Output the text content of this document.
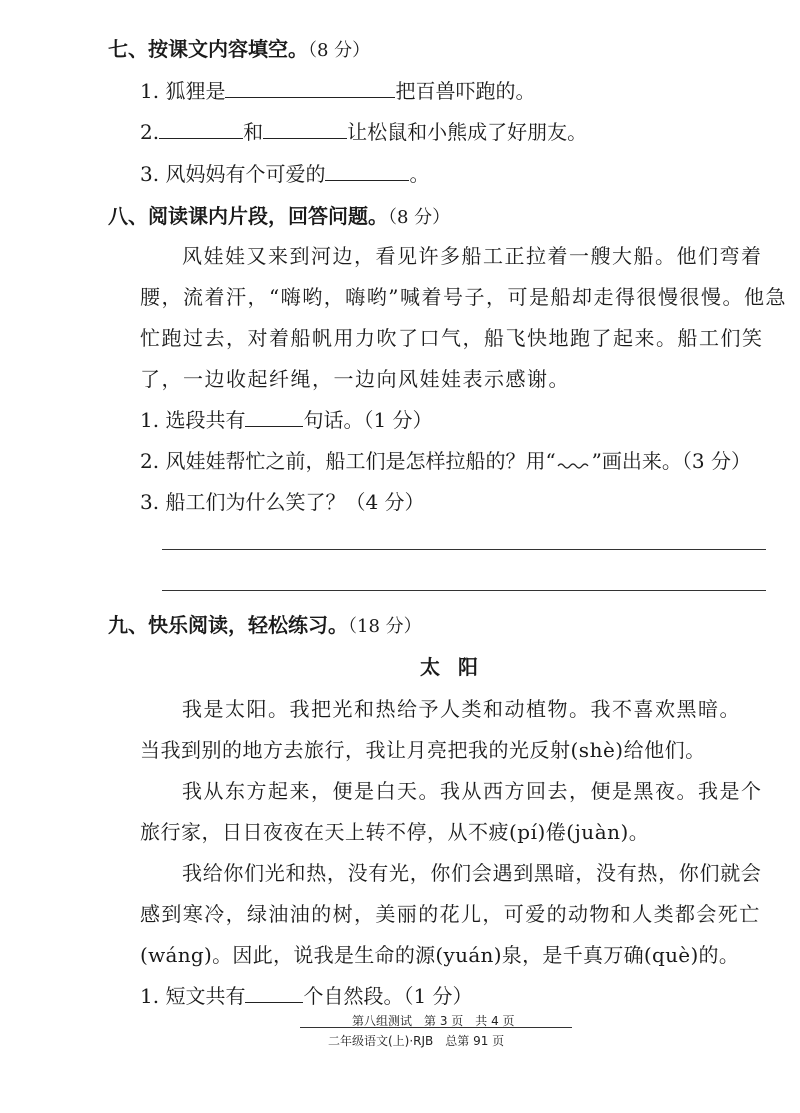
七、按课文内容填空。（8 分）
1. 狐狸是	把百兽吓跑的。
2.	和	让松鼠和小熊成了好朋友。
3. 风妈妈有个可爱的	。
八、阅读课内片段，回答问题。（8 分）
风娃娃又来到河边，看见许多船工正拉着一艘大船。他们弯着
腰，流着汗，“嗨哟，嗨哟”喊着号子，可是船却走得很慢很慢。他急
忙跑过去，对着船帆用力吹了口气，船飞快地跑了起来。船工们笑
了，一边收起纤绳，一边向风娃娃表示感谢。
1. 选段共有	句话。（1 分）
2. 风娃娃帮忙之前，船工们是怎样拉船的？用“ ”画出来。（3 分）
3. 船工们为什么笑了？（4 分）
九、快乐阅读，轻松练习。（18 分）
太阳
我是太阳。我把光和热给予人类和动植物。我不喜欢黑暗。
当我到别的地方去旅行，我让月亮把我的光反射(shè)给他们。
我从东方起来，便是白天。我从西方回去，便是黑夜。我是个
旅行家，日日夜夜在天上转不停，从不疲(pí)倦(juàn)。
我给你们光和热，没有光，你们会遇到黑暗，没有热，你们就会
感到寒冷，绿油油的树，美丽的花儿，可爱的动物和人类都会死亡
(wáng)。因此，说我是生命的源(yuán)泉，是千真万确(què)的。
1. 短文共有	个自然段。（1 分）
第八组测试　第 3 页　共 4 页
二年级语文(上)·RJB　总第 91 页
